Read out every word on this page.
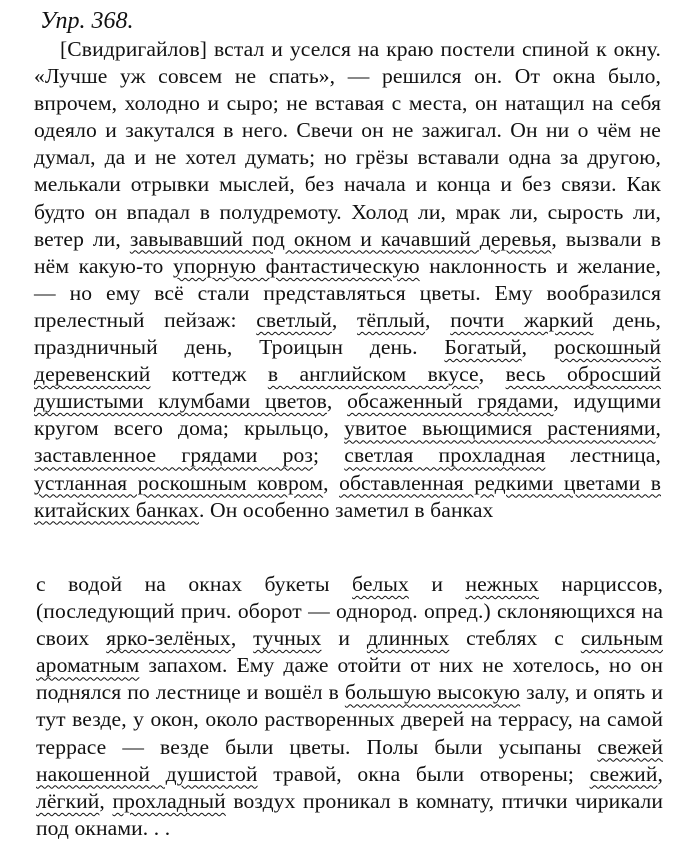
Упр. 368.

[Свидригайлов] встал и уселся на краю постели спиной к окну. «Лучше уж совсем не спать», — решился он. От окна было, впрочем, холодно и сыро; не вставая с места, он натащил на себя одеяло и закутался в него. Свечи он не зажигал. Он ни о чём не думал, да и не хотел думать; но грёзы вставали одна за другою, мелькали отрывки мыслей, без начала и конца и без связи. Как будто он впадал в полудремоту. Холод ли, мрак ли, сырость ли, ветер ли, завывавший под окном и качавший деревья, вызвали в нём какую-то упорную фантастическую наклонность и желание, — но ему всё стали представляться цветы. Ему вообразился прелестный пейзаж: светлый, тёплый, почти жаркий день, праздничный день, Троицын день. Богатый, роскошный деревенский коттедж в английском вкусе, весь обросший душистыми клумбами цветов, обсаженный грядами, идущими кругом всего дома; крыльцо, увитое вьющимися растениями, заставленное грядами роз; светлая прохладная лестница, устланная роскошным ковром, обставленная редкими цветами в китайских банках. Он особенно заметил в банках

с водой на окнах букеты белых и нежных нарциссов, (последующий прич. оборот — однород. опред.) склоняющихся на своих ярко-зелёных, тучных и длинных стеблях с сильным ароматным запахом. Ему даже отойти от них не хотелось, но он поднялся по лестнице и вошёл в большую высокую залу, и опять и тут везде, у окон, около растворенных дверей на террасу, на самой террасе — везде были цветы. Полы были усыпаны свежей накошенной душистой травой, окна были отворены; свежий, лёгкий, прохладный воздух проникал в комнату, птички чирикали под окнами. . .
